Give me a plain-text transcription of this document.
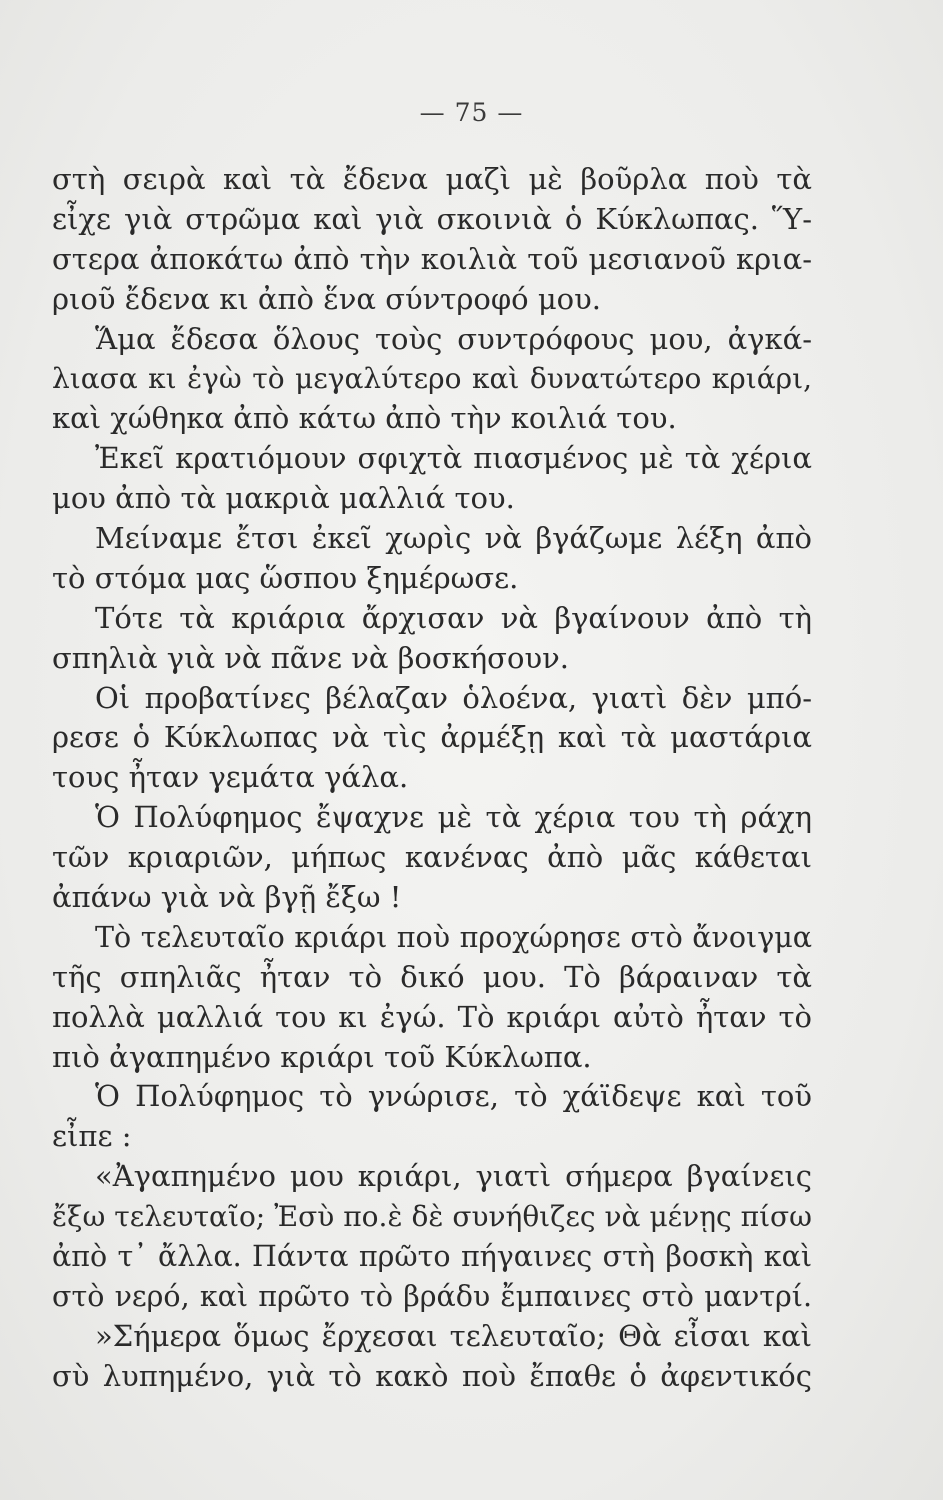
— 75 —
στὴ σειρὰ καὶ τὰ ἔδενα μαζὶ μὲ βοῦρλα ποὺ τὰ
εἶχε γιὰ στρῶμα καὶ γιὰ σκοινιὰ ὁ Κύκλωπας. Ὕ-
στερα ἀποκάτω ἀπὸ τὴν κοιλιὰ τοῦ μεσιανοῦ κρια-
ριοῦ ἔδενα κι ἀπὸ ἕνα σύντροφό μου.
Ἅμα ἔδεσα ὅλους τοὺς συντρόφους μου, ἀγκά-
λιασα κι ἐγὼ τὸ μεγαλύτερο καὶ δυνατώτερο κριάρι,
καὶ χώθηκα ἀπὸ κάτω ἀπὸ τὴν κοιλιά του.
Ἐκεῖ κρατιόμουν σφιχτὰ πιασμένος μὲ τὰ χέρια
μου ἀπὸ τὰ μακριὰ μαλλιά του.
Μείναμε ἔτσι ἐκεῖ χωρὶς νὰ βγάζωμε λέξη ἀπὸ
τὸ στόμα μας ὥσπου ξημέρωσε.
Τότε τὰ κριάρια ἄρχισαν νὰ βγαίνουν ἀπὸ τὴ
σπηλιὰ γιὰ νὰ πᾶνε νὰ βοσκήσουν.
Οἱ προβατίνες βέλαζαν ὁλοένα, γιατὶ δὲν μπό-
ρεσε ὁ Κύκλωπας νὰ τὶς ἀρμέξῃ καὶ τὰ μαστάρια
τους ἦταν γεμάτα γάλα.
Ὁ Πολύφημος ἔψαχνε μὲ τὰ χέρια του τὴ ράχη
τῶν κριαριῶν, μήπως κανένας ἀπὸ μᾶς κάθεται
ἀπάνω γιὰ νὰ βγῇ ἔξω !
Τὸ τελευταῖο κριάρι ποὺ προχώρησε στὸ ἄνοιγμα
τῆς σπηλιᾶς ἦταν τὸ δικό μου. Τὸ βάραιναν τὰ
πολλὰ μαλλιά του κι ἐγώ. Τὸ κριάρι αὐτὸ ἦταν τὸ
πιὸ ἀγαπημένο κριάρι τοῦ Κύκλωπα.
Ὁ Πολύφημος τὸ γνώρισε, τὸ χάϊδεψε καὶ τοῦ
εἶπε :
«Ἀγαπημένο μου κριάρι, γιατὶ σήμερα βγαίνεις
ἔξω τελευταῖο; Ἐσὺ πο.ὲ δὲ συνήθιζες νὰ μένῃς πίσω
ἀπὸ τ᾽ ἄλλα. Πάντα πρῶτο πήγαινες στὴ βοσκὴ καὶ
στὸ νερό, καὶ πρῶτο τὸ βράδυ ἔμπαινες στὸ μαντρί.
»Σήμερα ὅμως ἔρχεσαι τελευταῖο; Θὰ εἶσαι καὶ
σὺ λυπημένο, γιὰ τὸ κακὸ ποὺ ἔπαθε ὁ ἀφεντικός
